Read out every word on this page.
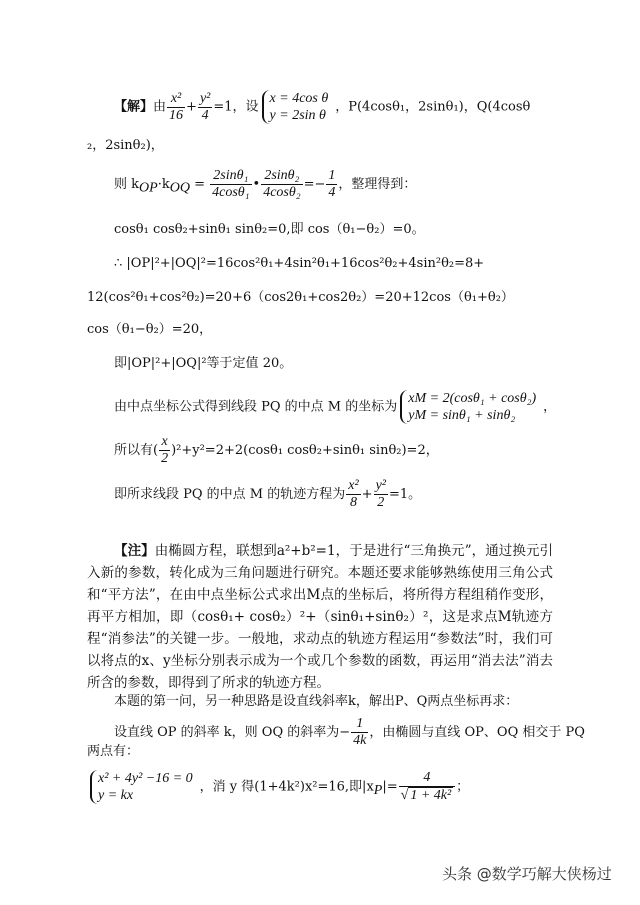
【解】由 $\frac{\text{x²}}{16} + \frac{\text{y²}}{4} =1$，设
x = 4cos θ
y = 2sin θ
，P(4cosθ₁，2sinθ₁)，Q(4cosθ
₂，2sinθ₂)，
则 $k_{OP}\cdot k_{OQ} = \frac{\text{2sinθ₁}}{\text{4cosθ₁}}$ • $\frac{\text{2sinθ₂}}{\text{4cosθ₂}} =- \frac{1}{4}$ ，整理得到：
cosθ₁ cosθ₂+sinθ₁ sinθ₂=0,即 cos（θ₁−θ₂）=0。
∴ |OP|²+|OQ|²=16cos²θ₁+4sin²θ₁+16cos²θ₂+4sin²θ₂=8+
12(cos²θ₁+cos²θ₂)=20+6（cos2θ₁+cos2θ₂）=20+12cos（θ₁+θ₂）
cos（θ₁−θ₂）=20，
即|OP|²+|OQ|²等于定值 20。
由中点坐标公式得到线段 PQ 的中点 M 的坐标为
xM = 2(cosθ₁ + cosθ₂)
yM = sinθ₁ + sinθ₂
，
所以有( $\frac{x}{2} )^2+y^2=2+2(\cos\theta_1$ cosθ₂+sinθ₁ sinθ₂)=2，
即所求线段 PQ 的中点 M 的轨迹方程为 $\frac{\text{x²}}{8} + \frac{\text{y²}}{2} =1$。
【注】由椭圆方程，联想到a²+b²=1，于是进行“三角换元”，通过换元引入新的参数，转化成为三角问题进行研究。本题还要求能够熟练使用三角公式和“平方法”，在由中点坐标公式求出M点的坐标后，将所得方程组稍作变形，再平方相加，即（cosθ₁+ cosθ₂）²+（sinθ₁+sinθ₂）²，这是求点M轨迹方程“消参法”的关键一步。一般地，求动点的轨迹方程运用“参数法”时，我们可以将点的x、y坐标分别表示成为一个或几个参数的函数，再运用“消去法”消去所含的参数，即得到了所求的轨迹方程。
本题的第一问，另一种思路是设直线斜率k，解出P、Q两点坐标再求：
设直线 OP 的斜率 k，则 OQ 的斜率为− $\frac{1}{4k}$ ，由椭圆与直线 OP、OQ 相交于 PQ
两点有：
x² + 4y² −16 = 0
y = kx
，消 y 得(1+4k²)x²=16,即$|x_P|= \frac{4}{\text{√ 1 + 4k²}}$ ；
头条 @数学巧解大侠杨过
